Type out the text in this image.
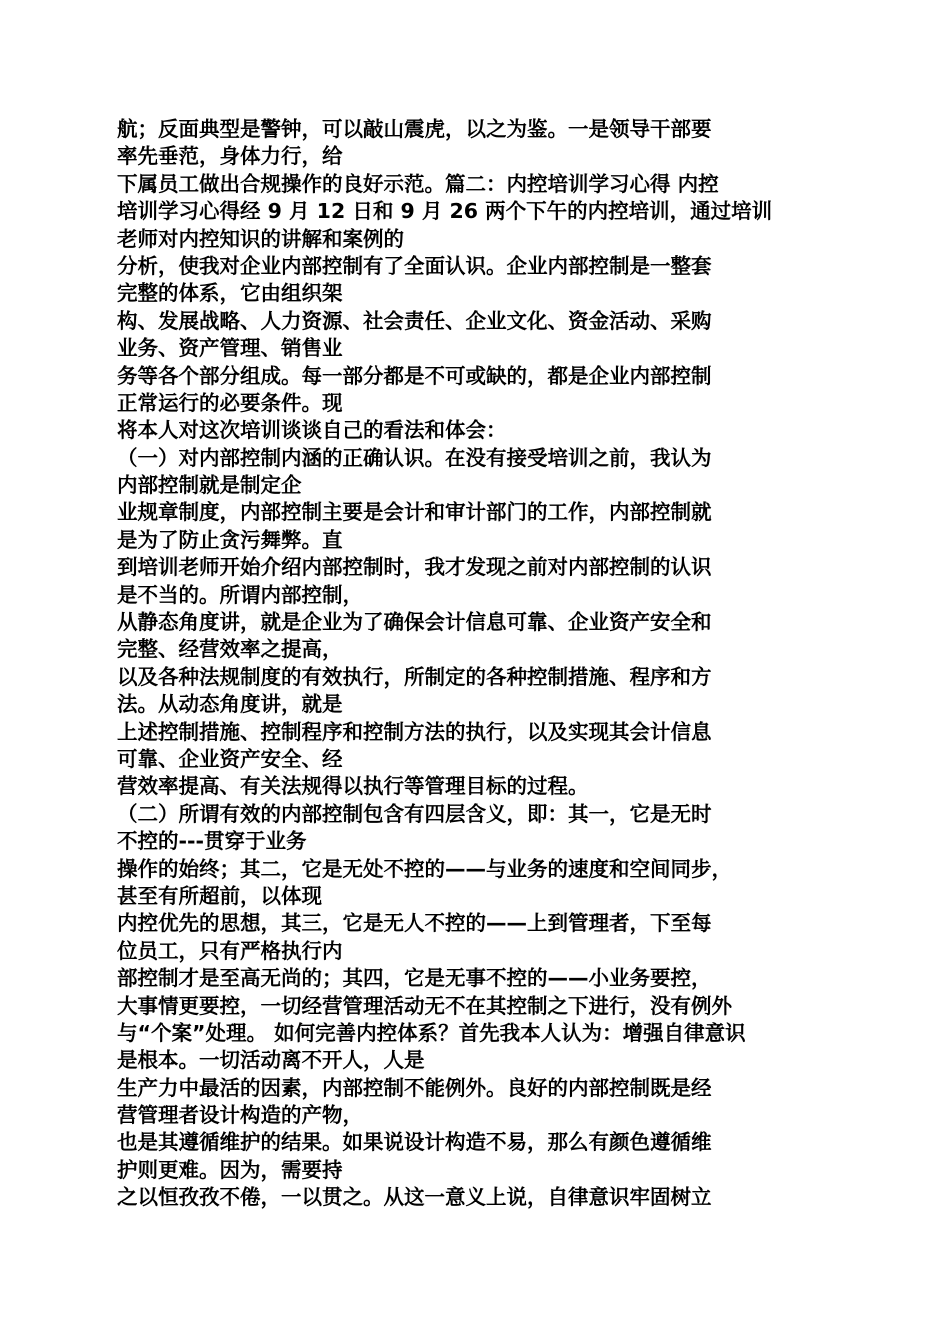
航；反面典型是警钟，可以敲山震虎，以之为鉴。一是领导干部要
率先垂范，身体力行，给
下属员工做出合规操作的良好示范。篇二：内控培训学习心得 内控
培训学习心得经 9 月 12 日和 9 月 26 两个下午的内控培训，通过培训
老师对内控知识的讲解和案例的
分析，使我对企业内部控制有了全面认识。企业内部控制是一整套
完整的体系，它由组织架
构、发展战略、人力资源、社会责任、企业文化、资金活动、采购
业务、资产管理、销售业
务等各个部分组成。每一部分都是不可或缺的，都是企业内部控制
正常运行的必要条件。现
将本人对这次培训谈谈自己的看法和体会：
（一）对内部控制内涵的正确认识。在没有接受培训之前，我认为
内部控制就是制定企
业规章制度，内部控制主要是会计和审计部门的工作，内部控制就
是为了防止贪污舞弊。直
到培训老师开始介绍内部控制时，我才发现之前对内部控制的认识
是不当的。所谓内部控制，
从静态角度讲，就是企业为了确保会计信息可靠、企业资产安全和
完整、经营效率之提高，
以及各种法规制度的有效执行，所制定的各种控制措施、程序和方
法。从动态角度讲，就是
上述控制措施、控制程序和控制方法的执行，以及实现其会计信息
可靠、企业资产安全、经
营效率提高、有关法规得以执行等管理目标的过程。
（二）所谓有效的内部控制包含有四层含义，即：其一，它是无时
不控的---贯穿于业务
操作的始终；其二，它是无处不控的——与业务的速度和空间同步，
甚至有所超前，以体现
内控优先的思想，其三，它是无人不控的——上到管理者，下至每
位员工，只有严格执行内
部控制才是至高无尚的；其四，它是无事不控的——小业务要控，
大事情更要控，一切经营管理活动无不在其控制之下进行，没有例外
与“个案”处理。 如何完善内控体系？首先我本人认为：增强自律意识
是根本。一切活动离不开人，人是
生产力中最活的因素，内部控制不能例外。良好的内部控制既是经
营管理者设计构造的产物，
也是其遵循维护的结果。如果说设计构造不易，那么有颜色遵循维
护则更难。因为，需要持
之以恒孜孜不倦，一以贯之。从这一意义上说，自律意识牢固树立
